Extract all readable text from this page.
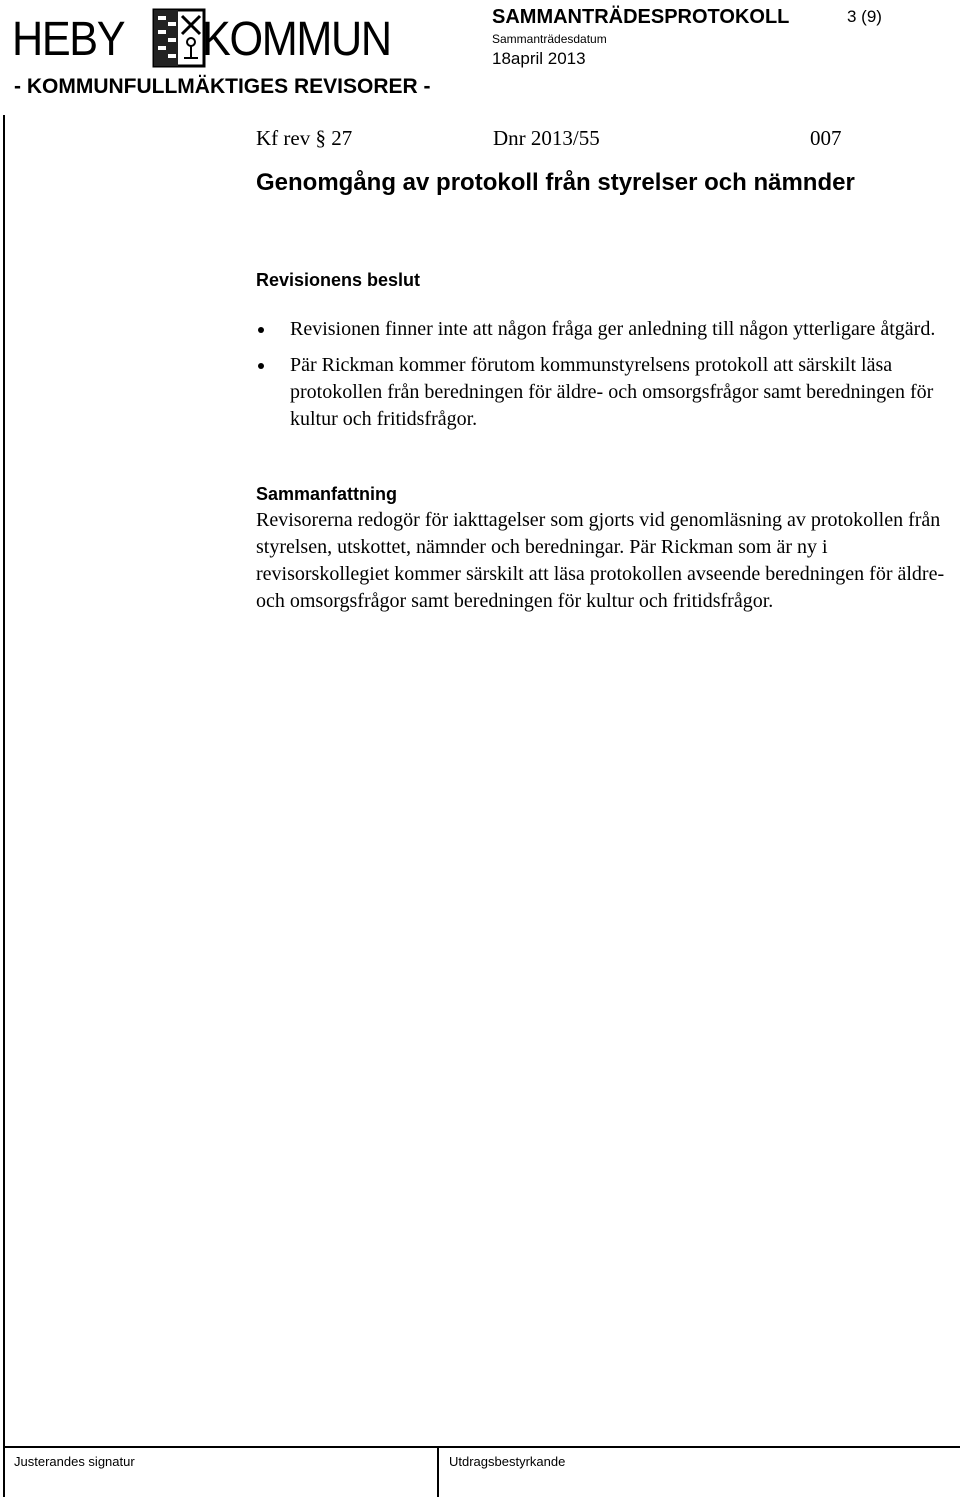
HEBY KOMMUN
- KOMMUNFULLMÄKTIGES REVISORER -
SAMMANTRÄDESPROTOKOLL	3 (9)
Sammanträdesdatum
18april 2013
Kf rev § 27	Dnr 2013/55	007
Genomgång av protokoll från styrelser och nämnder
Revisionens beslut
Revisionen finner inte att någon fråga ger anledning till någon ytterligare åtgärd.
Pär Rickman kommer förutom kommunstyrelsens protokoll att särskilt läsa protokollen från beredningen för äldre- och omsorgsfrågor samt beredningen för kultur och fritidsfrågor.
Sammanfattning
Revisorerna redogör för iakttagelser som gjorts vid genomläsning av protokollen från styrelsen, utskottet, nämnder och beredningar. Pär Rickman som är ny i revisorskollegiet kommer särskilt att läsa protokollen avseende beredningen för äldre- och omsorgsfrågor samt beredningen för kultur och fritidsfrågor.
Justerandes signatur	Utdragsbestyrkande
